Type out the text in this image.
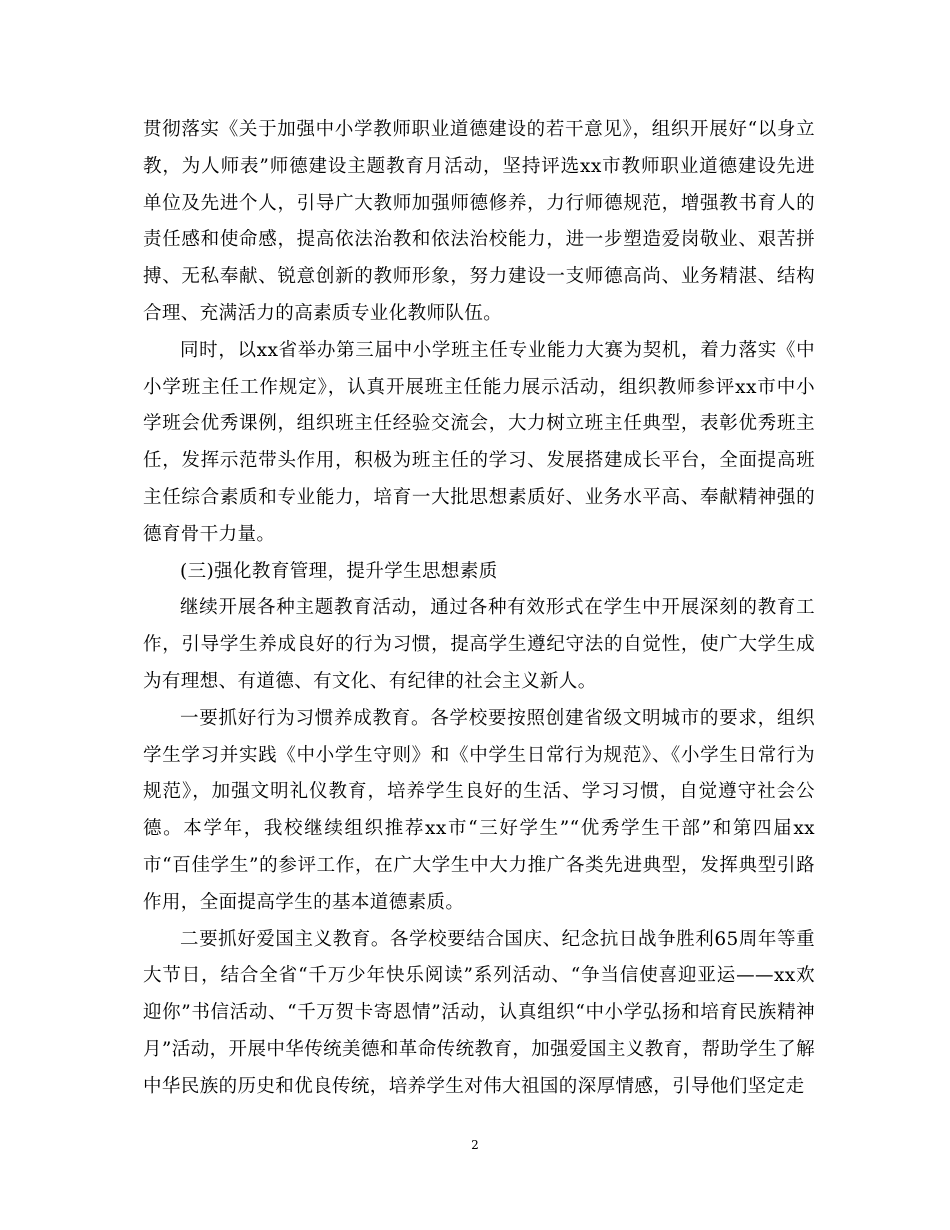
贯彻落实《关于加强中小学教师职业道德建设的若干意见》，组织开展好“以身立教，为人师表”师德建设主题教育月活动，坚持评选xx市教师职业道德建设先进单位及先进个人，引导广大教师加强师德修养，力行师德规范，增强教书育人的责任感和使命感，提高依法治教和依法治校能力，进一步塑造爱岗敬业、艰苦拼搏、无私奉献、锐意创新的教师形象，努力建设一支师德高尚、业务精湛、结构合理、充满活力的高素质专业化教师队伍。

同时，以xx省举办第三届中小学班主任专业能力大赛为契机，着力落实《中小学班主任工作规定》，认真开展班主任能力展示活动，组织教师参评xx市中小学班会优秀课例，组织班主任经验交流会，大力树立班主任典型，表彰优秀班主任，发挥示范带头作用，积极为班主任的学习、发展搭建成长平台，全面提高班主任综合素质和专业能力，培育一大批思想素质好、业务水平高、奉献精神强的德育骨干力量。

(三)强化教育管理，提升学生思想素质

继续开展各种主题教育活动，通过各种有效形式在学生中开展深刻的教育工作，引导学生养成良好的行为习惯，提高学生遵纪守法的自觉性，使广大学生成为有理想、有道德、有文化、有纪律的社会主义新人。

一要抓好行为习惯养成教育。各学校要按照创建省级文明城市的要求，组织学生学习并实践《中小学生守则》和《中学生日常行为规范》、《小学生日常行为规范》，加强文明礼仪教育，培养学生良好的生活、学习习惯，自觉遵守社会公德。本学年，我校继续组织推荐xx市“三好学生”“优秀学生干部”和第四届xx市“百佳学生”的参评工作，在广大学生中大力推广各类先进典型，发挥典型引路作用，全面提高学生的基本道德素质。

二要抓好爱国主义教育。各学校要结合国庆、纪念抗日战争胜利65周年等重大节日，结合全省“千万少年快乐阅读”系列活动、“争当信使喜迎亚运——xx欢迎你”书信活动、“千万贺卡寄恩情”活动，认真组织“中小学弘扬和培育民族精神月”活动，开展中华传统美德和革命传统教育，加强爱国主义教育，帮助学生了解中华民族的历史和优良传统，培养学生对伟大祖国的深厚情感，引导他们坚定走

2
